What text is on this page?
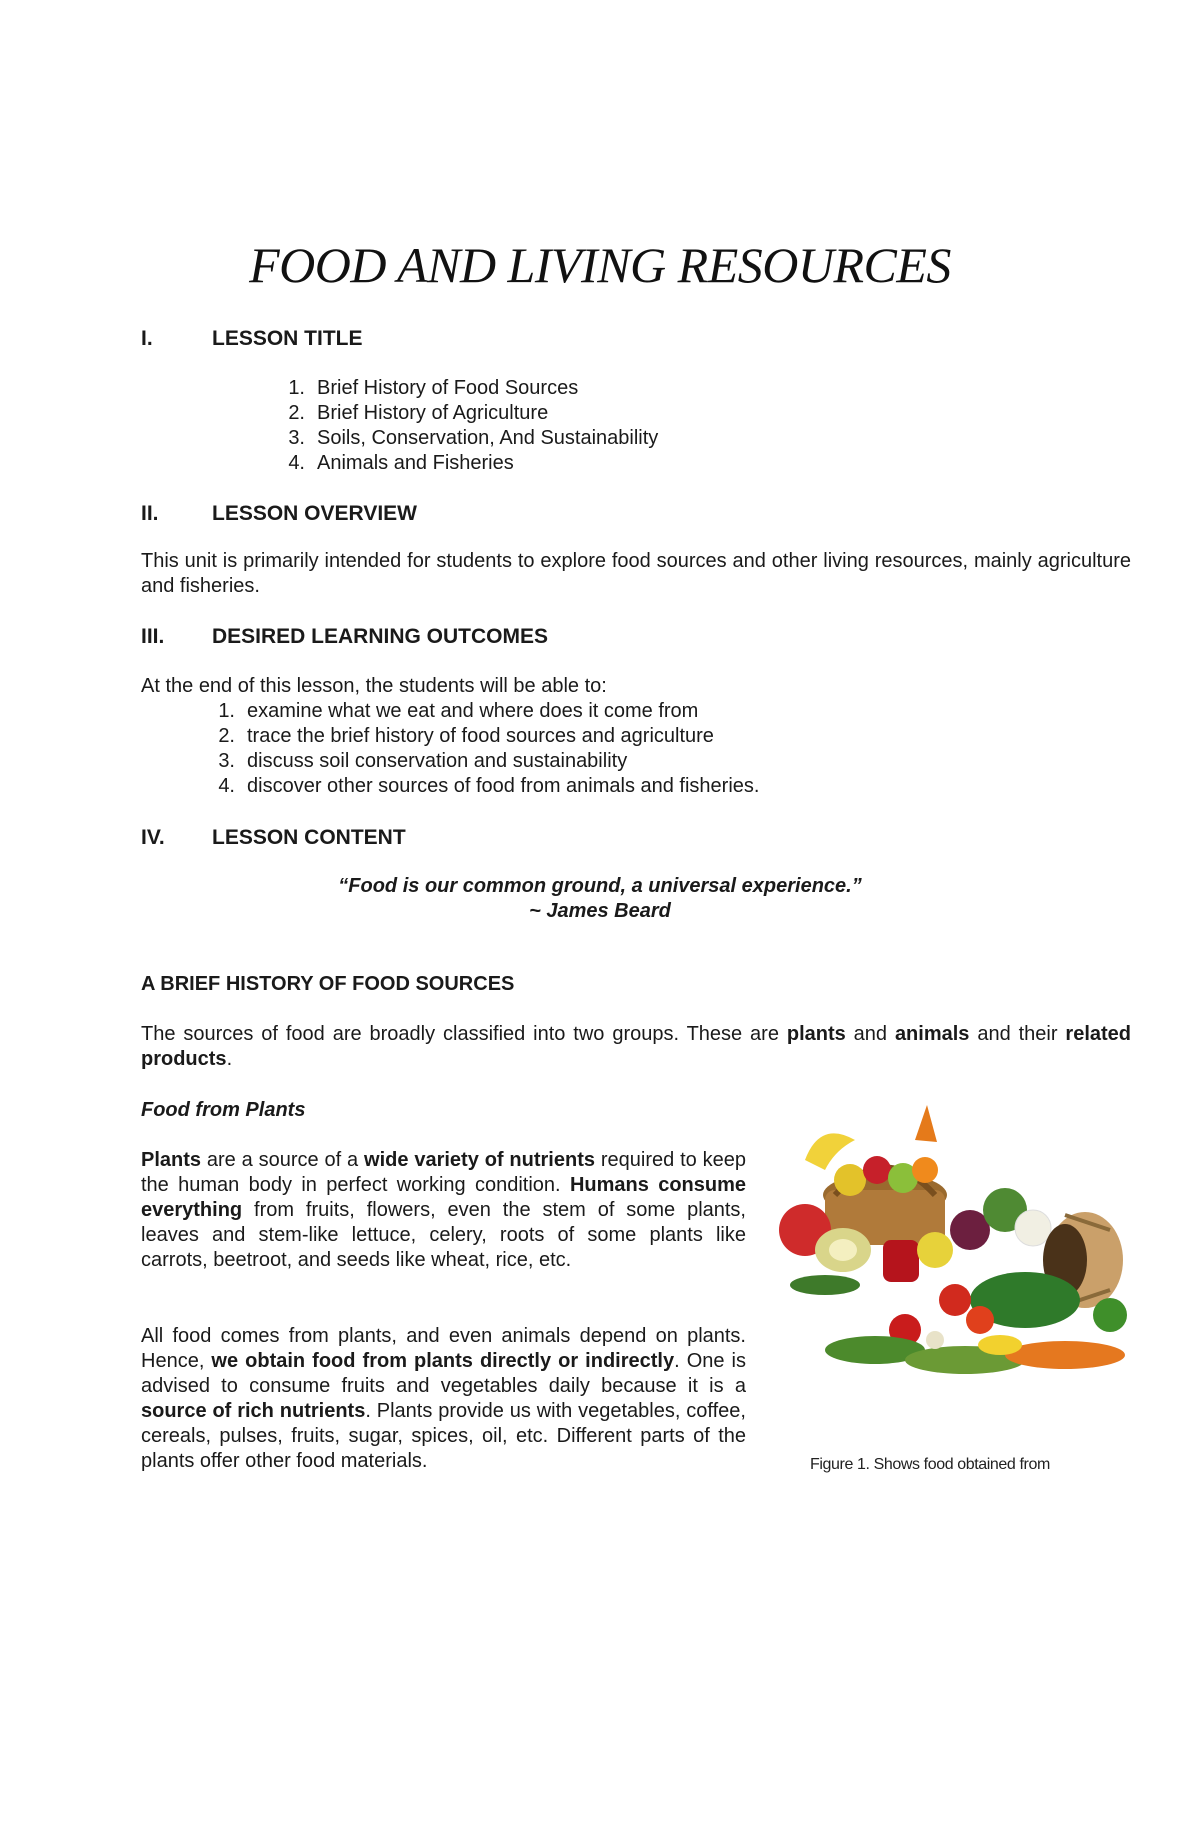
FOOD AND LIVING RESOURCES
I.	LESSON TITLE
1. Brief History of Food Sources
2. Brief History of Agriculture
3. Soils, Conservation, And Sustainability
4. Animals and Fisheries
II.	LESSON OVERVIEW
This unit is primarily intended for students to explore food sources and other living resources, mainly agriculture and fisheries.
III. DESIRED LEARNING OUTCOMES
At the end of this lesson, the students will be able to:
1. examine what we eat and where does it come from
2. trace the brief history of food sources and agriculture
3. discuss soil conservation and sustainability
4. discover other sources of food from animals and fisheries.
IV. LESSON CONTENT
“Food is our common ground, a universal experience.”
~ James Beard
A BRIEF HISTORY OF FOOD SOURCES
The sources of food are broadly classified into two groups. These are plants and animals and their related products.
Food from Plants
Plants are a source of a wide variety of nutrients required to keep the human body in perfect working condition. Humans consume everything from fruits, flowers, even the stem of some plants, leaves and stem-like lettuce, celery, roots of some plants like carrots, beetroot, and seeds like wheat, rice, etc.
All food comes from plants, and even animals depend on plants. Hence, we obtain food from plants directly or indirectly. One is advised to consume fruits and vegetables daily because it is a source of rich nutrients. Plants provide us with vegetables, coffee, cereals, pulses, fruits, sugar, spices, oil, etc. Different parts of the plants offer other food materials.	Figure 1. Shows food obtained from
